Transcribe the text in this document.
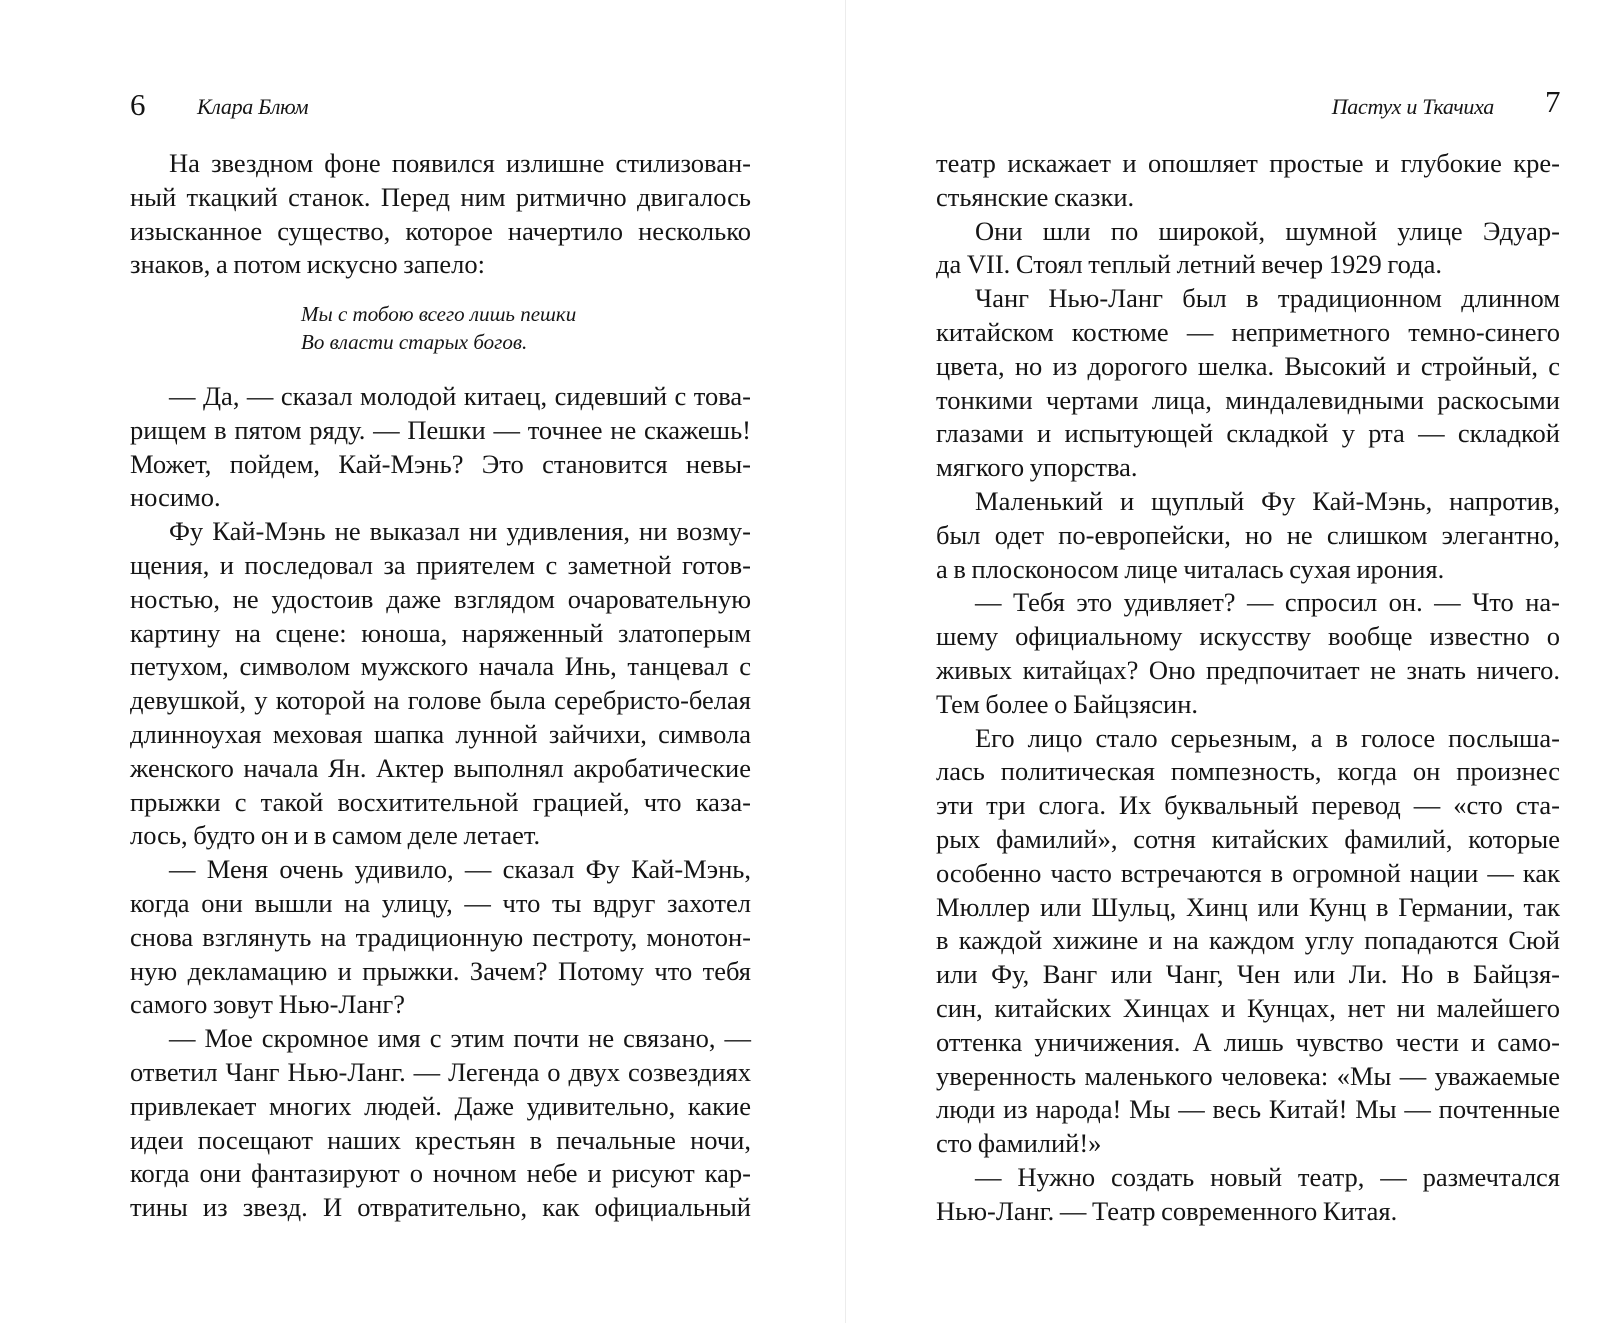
6 Клара Блюм
На звездном фоне появился излишне стилизован-
ный ткацкий станок. Перед ним ритмично двигалось
изысканное существо, которое начертило несколько
знаков, а потом искусно запело:
Мы с тобою всего лишь пешки
Во власти старых богов.
— Да, — сказал молодой китаец, сидевший с това-
рищем в пятом ряду. — Пешки — точнее не скажешь!
Может, пойдем, Кай-Мэнь? Это становится невы-
носимо.
Фу Кай-Мэнь не выказал ни удивления, ни возму-
щения, и последовал за приятелем с заметной готов-
ностью, не удостоив даже взглядом очаровательную
картину на сцене: юноша, наряженный златоперым
петухом, символом мужского начала Инь, танцевал с
девушкой, у которой на голове была серебристо-белая
длинноухая меховая шапка лунной зайчихи, символа
женского начала Ян. Актер выполнял акробатические
прыжки с такой восхитительной грацией, что каза-
лось, будто он и в самом деле летает.
— Меня очень удивило, — сказал Фу Кай-Мэнь,
когда они вышли на улицу, — что ты вдруг захотел
снова взглянуть на традиционную пестроту, монотон-
ную декламацию и прыжки. Зачем? Потому что тебя
самого зовут Нью-Ланг?
— Мое скромное имя с этим почти не связано, —
ответил Чанг Нью-Ланг. — Легенда о двух созвездиях
привлекает многих людей. Даже удивительно, какие
идеи посещают наших крестьян в печальные ночи,
когда они фантазируют о ночном небе и рисуют кар-
тины из звезд. И отвратительно, как официальный
Пастух и Ткачиха 7
театр искажает и опошляет простые и глубокие кре-
стьянские сказки.
Они шли по широкой, шумной улице Эдуар-
да VII. Стоял теплый летний вечер 1929 года.
Чанг Нью-Ланг был в традиционном длинном
китайском костюме — неприметного темно-синего
цвета, но из дорогого шелка. Высокий и стройный, с
тонкими чертами лица, миндалевидными раскосыми
глазами и испытующей складкой у рта — складкой
мягкого упорства.
Маленький и щуплый Фу Кай-Мэнь, напротив,
был одет по-европейски, но не слишком элегантно,
а в плосконосом лице читалась сухая ирония.
— Тебя это удивляет? — спросил он. — Что на-
шему официальному искусству вообще известно о
живых китайцах? Оно предпочитает не знать ничего.
Тем более о Байцзясин.
Его лицо стало серьезным, а в голосе послыша-
лась политическая помпезность, когда он произнес
эти три слога. Их буквальный перевод — «сто ста-
рых фамилий», сотня китайских фамилий, которые
особенно часто встречаются в огромной нации — как
Мюллер или Шульц, Хинц или Кунц в Германии, так
в каждой хижине и на каждом углу попадаются Сюй
или Фу, Ванг или Чанг, Чен или Ли. Но в Байцзя-
син, китайских Хинцах и Кунцах, нет ни малейшего
оттенка уничижения. А лишь чувство чести и само-
уверенность маленького человека: «Мы — уважаемые
люди из народа! Мы — весь Китай! Мы — почтенные
сто фамилий!»
— Нужно создать новый театр, — размечтался
Нью-Ланг. — Театр современного Китая.
